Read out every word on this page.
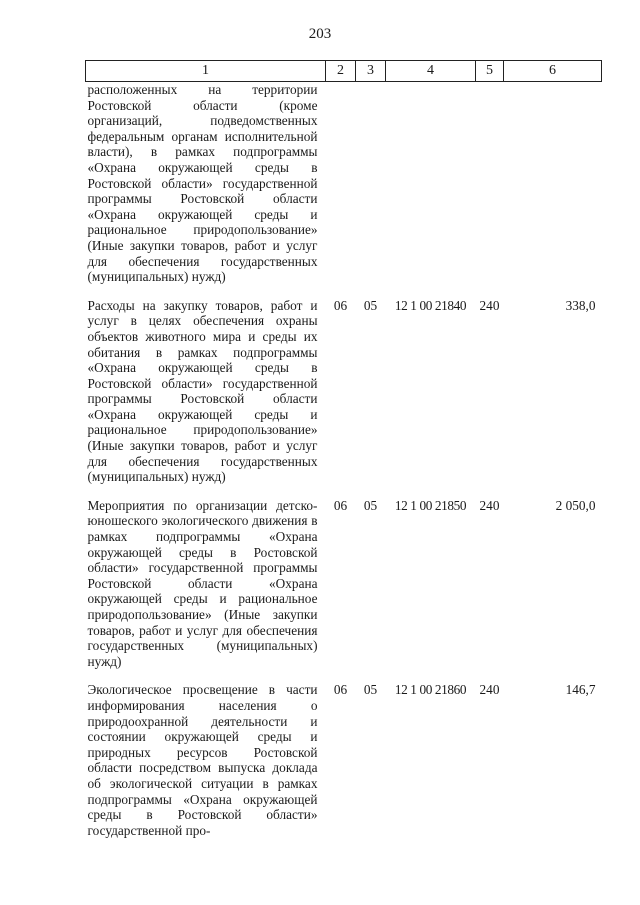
203
1	2	3	4	5	6
расположенных на территории Ростовской области (кроме организаций, подведомственных федеральным органам исполнительной власти), в рамках подпрограммы «Охрана окружающей среды в Ростовской области» государственной программы Ростовской области «Охрана окружающей среды и рациональное природопользование» (Иные закупки товаров, работ и услуг для обеспечения государственных (муниципальных) нужд)					
Расходы на закупку товаров, работ и услуг в целях обеспечения охраны объектов животного мира и среды их обитания в рамках подпрограммы «Охрана окружающей среды в Ростовской области» государственной программы Ростовской области «Охрана окружающей среды и рациональное природопользование» (Иные закупки товаров, работ и услуг для обеспечения государственных (муниципальных) нужд)	06	05	12 1 00 21840	240	338,0
Мероприятия по организации детско-юношеского экологического движения в рамках подпрограммы «Охрана окружающей среды в Ростовской области» государственной программы Ростовской области «Охрана окружающей среды и рациональное природопользование» (Иные закупки товаров, работ и услуг для обеспечения государственных (муниципальных) нужд)	06	05	12 1 00 21850	240	2 050,0
Экологическое просвещение в части информирования населения о природоохранной деятельности и состоянии окружающей среды и природных ресурсов Ростовской области посредством выпуска доклада об экологической ситуации в рамках подпрограммы «Охрана окружающей среды в Ростовской области» государственной про-	06	05	12 1 00 21860	240	146,7
